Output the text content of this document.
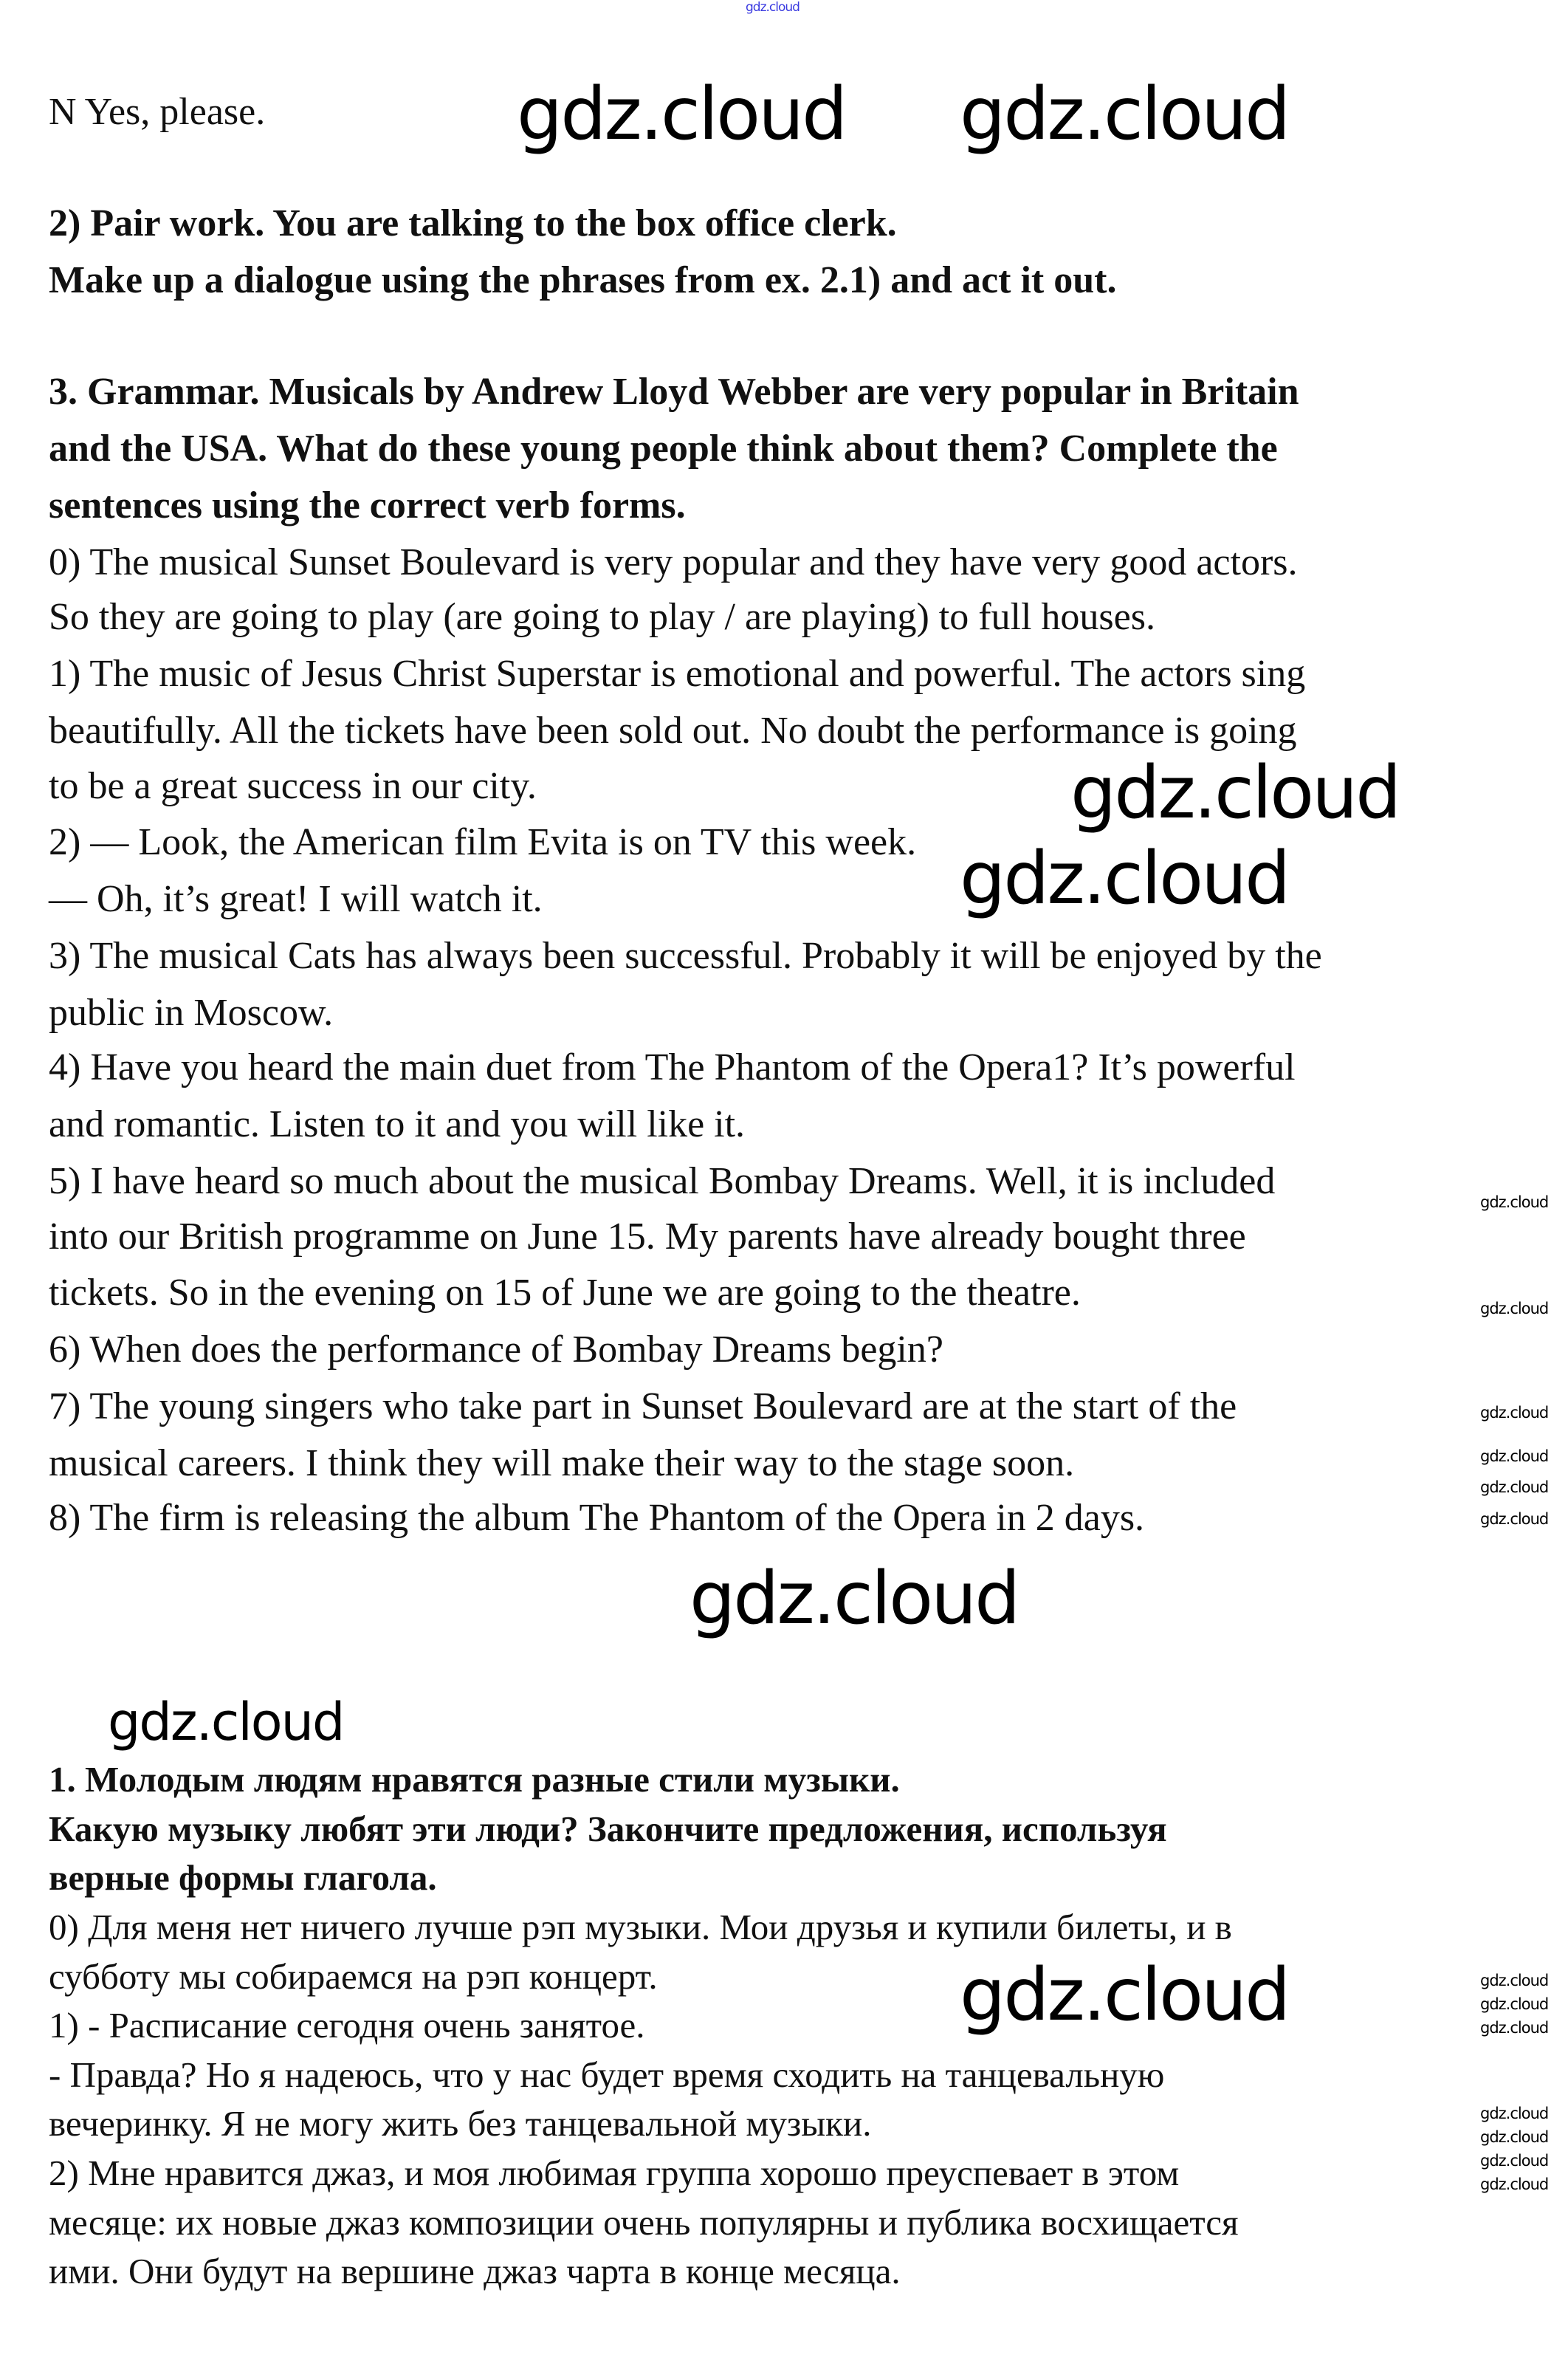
gdz.cloud
N Yes, please.
2) Pair work. You are talking to the box office clerk.
Make up a dialogue using the phrases from ex. 2.1) and act it out.
3. Grammar. Musicals by Andrew Lloyd Webber are very popular in Britain
and the USA. What do these young people think about them? Complete the
sentences using the correct verb forms.
0) The musical Sunset Boulevard is very popular and they have very good actors.
So they are going to play (are going to play / are playing) to full houses.
1) The music of Jesus Christ Superstar is emotional and powerful. The actors sing
beautifully. All the tickets have been sold out. No doubt the performance is going
to be a great success in our city.
2) — Look, the American film Evita is on TV this week.
— Oh, it’s great! I will watch it.
3) The musical Cats has always been successful. Probably it will be enjoyed by the
public in Moscow.
4) Have you heard the main duet from The Phantom of the Opera1? It’s powerful
and romantic. Listen to it and you will like it.
5) I have heard so much about the musical Bombay Dreams. Well, it is included
into our British programme on June 15. My parents have already bought three
tickets. So in the evening on 15 of June we are going to the theatre.
6) When does the performance of Bombay Dreams begin?
7) The young singers who take part in Sunset Boulevard are at the start of the
musical careers. I think they will make their way to the stage soon.
8) The firm is releasing the album The Phantom of the Opera in 2 days.
1. Молодым людям нравятся разные стили музыки.
Какую музыку любят эти люди? Закончите предложения, используя
верные формы глагола.
0) Для меня нет ничего лучше рэп музыки. Мои друзья и купили билеты, и в
субботу мы собираемся на рэп концерт.
1) - Расписание сегодня очень занятое.
- Правда? Но я надеюсь, что у нас будет время сходить на танцевальную
вечеринку. Я не могу жить без танцевальной музыки.
2) Мне нравится джаз, и моя любимая группа хорошо преуспевает в этом
месяце: их новые джаз композиции очень популярны и публика восхищается
ими. Они будут на вершине джаз чарта в конце месяца.
gdz.cloud gdz.cloud
gdz.cloud
gdz.cloud
gdz.cloud
gdz.cloud
gdz.cloud
gdz.cloud
gdz.cloud
gdz.cloud
gdz.cloud
gdz.cloud
gdz.cloud
gdz.cloud
gdz.cloud
gdz.cloud
gdz.cloud
gdz.cloud
gdz.cloud
gdz.cloud
